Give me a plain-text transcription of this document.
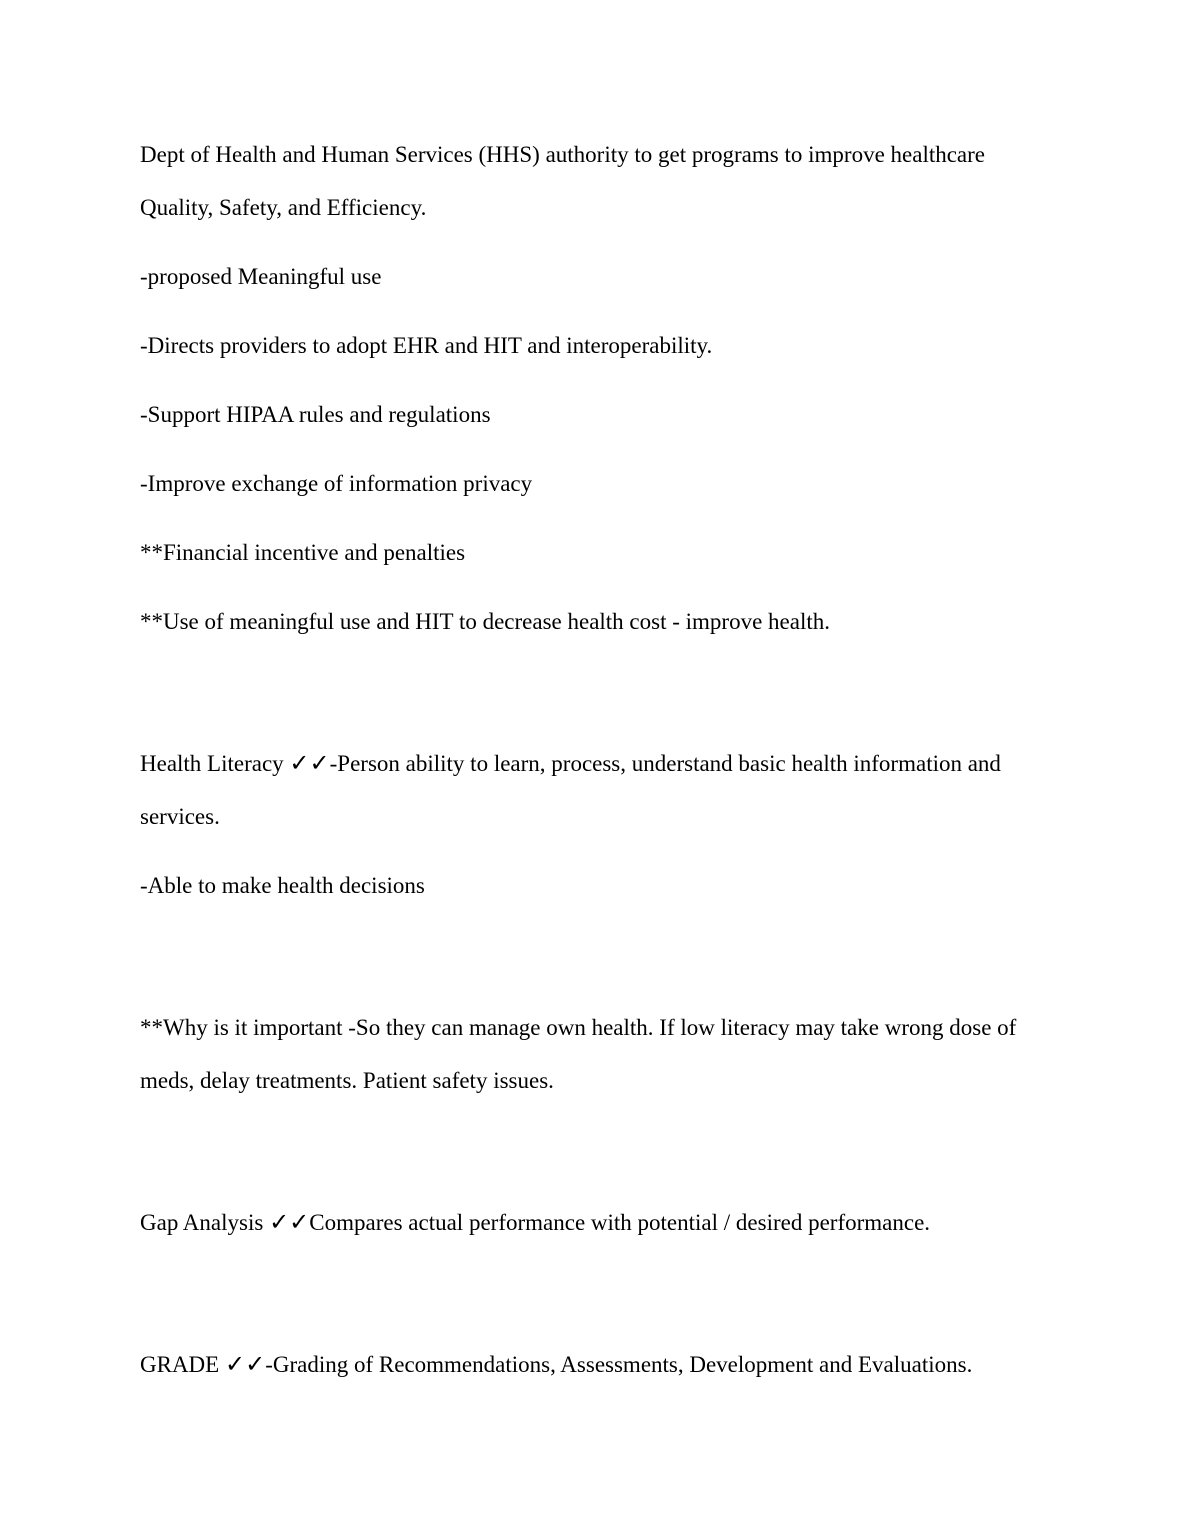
Dept of Health and Human Services (HHS) authority to get programs to improve healthcare
Quality, Safety, and Efficiency.
-proposed Meaningful use
-Directs providers to adopt EHR and HIT and interoperability.
-Support HIPAA rules and regulations
-Improve exchange of information privacy
**Financial incentive and penalties
**Use of meaningful use and HIT to decrease health cost - improve health.

Health Literacy ✓✓-Person ability to learn, process, understand basic health information and
services.
-Able to make health decisions

**Why is it important -So they can manage own health. If low literacy may take wrong dose of
meds, delay treatments. Patient safety issues.

Gap Analysis ✓✓Compares actual performance with potential / desired performance.

GRADE ✓✓-Grading of Recommendations, Assessments, Development and Evaluations.
